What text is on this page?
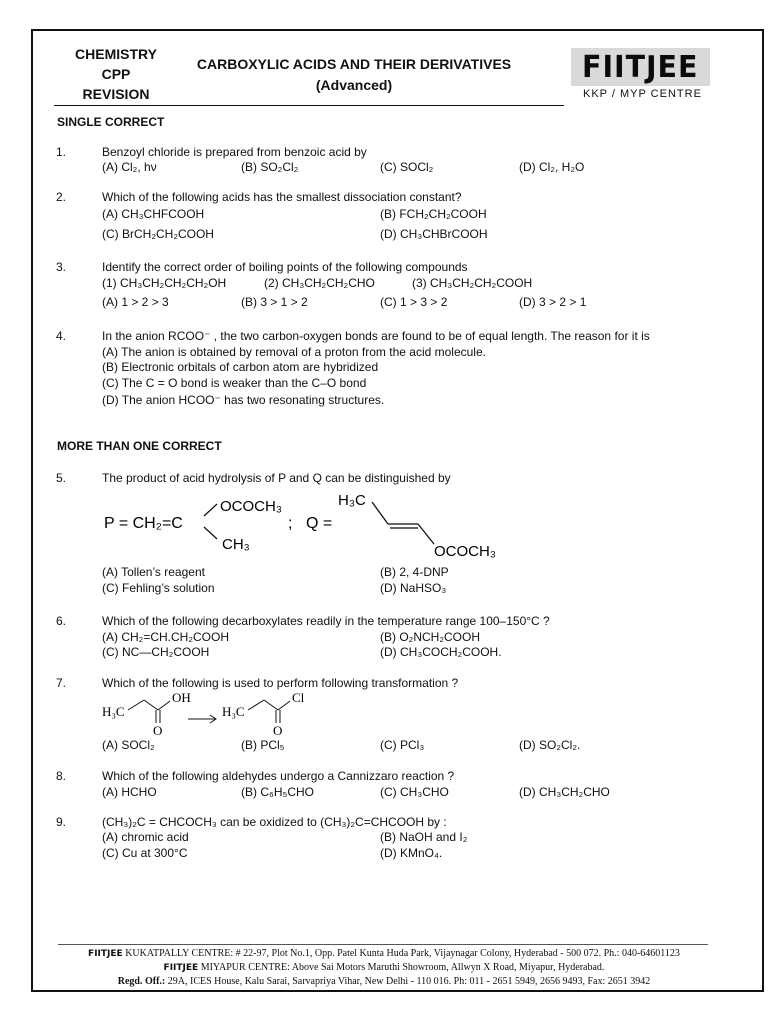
CHEMISTRY
CPP
REVISION
CARBOXYLIC ACIDS AND THEIR DERIVATIVES
(Advanced)
FIITJEE
KKP / MYP CENTRE
SINGLE CORRECT
1.	Benzoyl chloride is prepared from benzoic acid by
(A) Cl₂, hν	(B) SO₂Cl₂	(C) SOCl₂	(D) Cl₂, H₂O
2.	Which of the following acids has the smallest dissociation constant?
(A) CH₃CHFCOOH	(B) FCH₂CH₂COOH
(C) BrCH₂CH₂COOH	(D) CH₃CHBrCOOH
3.	Identify the correct order of boiling points of the following compounds
(1) CH₃CH₂CH₂CH₂OH	(2) CH₃CH₂CH₂CHO	(3) CH₃CH₂CH₂COOH
(A) 1 > 2 > 3	(B) 3 > 1 > 2	(C) 1 > 3 > 2	(D) 3 > 2 > 1
4.	In the anion RCOO⁻ , the two carbon-oxygen bonds are found to be of equal length. The reason for it is
(A) The anion is obtained by removal of a proton from the acid molecule.
(B) Electronic orbitals of carbon atom are hybridized
(C) The C = O bond is weaker than the C–O bond
(D) The anion HCOO⁻ has two resonating structures.
MORE THAN ONE CORRECT
5.	The product of acid hydrolysis of P and Q can be distinguished by
P = CH₂=C
OCOCH₃
CH₃
; Q =
H₃C
OCOCH₃
(A) Tollen’s reagent	(B) 2, 4-DNP
(C) Fehling’s solution	(D) NaHSO₃
6.	Which of the following decarboxylates readily in the temperature range 100–150°C ?
(A) CH₂=CH.CH₂COOH	(B) O₂NCH₂COOH
(C) NC—CH₂COOH	(D) CH₃COCH₂COOH.
7.	Which of the following is used to perform following transformation ?
H₃C
OH
O
H₃C
Cl
O
(A) SOCl₂	(B) PCl₅	(C) PCl₃	(D) SO₂Cl₂.
8.	Which of the following aldehydes undergo a Cannizzaro reaction ?
(A) HCHO	(B) C₆H₅CHO	(C) CH₃CHO	(D) CH₃CH₂CHO
9.	(CH₃)₂C = CHCOCH₃ can be oxidized to (CH₃)₂C=CHCOOH by :
(A) chromic acid	(B) NaOH and I₂
(C) Cu at 300°C	(D) KMnO₄.
FIITJEE KUKATPALLY CENTRE: # 22-97, Plot No.1, Opp. Patel Kunta Huda Park, Vijaynagar Colony, Hyderabad - 500 072. Ph.: 040-64601123
FIITJEE MIYAPUR CENTRE: Above Sai Motors Maruthi Showroom, Allwyn X Road, Miyapur, Hyderabad.
Regd. Off.: 29A, ICES House, Kalu Sarai, Sarvapriya Vihar, New Delhi - 110 016. Ph: 011 - 2651 5949, 2656 9493, Fax: 2651 3942
